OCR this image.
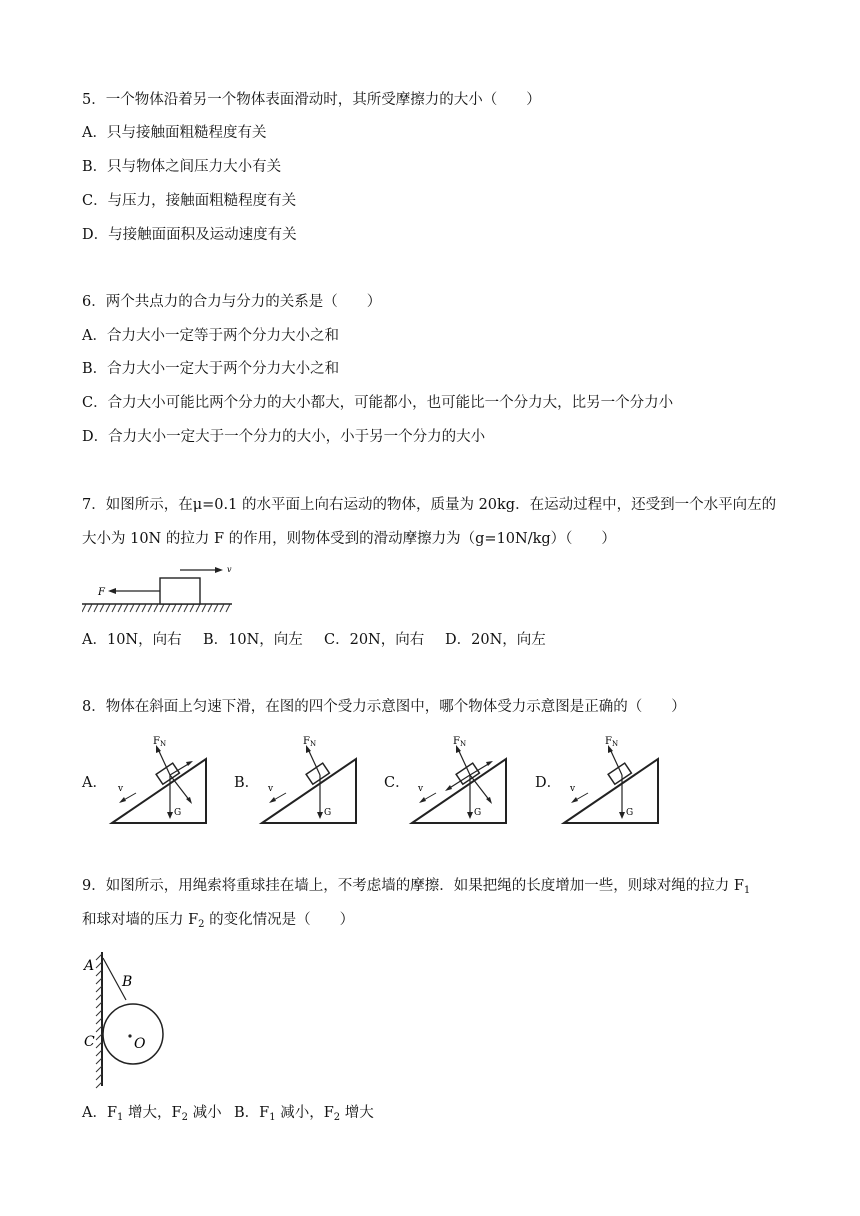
5．一个物体沿着另一个物体表面滑动时，其所受摩擦力的大小（　　）
A．只与接触面粗糙程度有关
B．只与物体之间压力大小有关
C．与压力，接触面粗糙程度有关
D．与接触面面积及运动速度有关
6．两个共点力的合力与分力的关系是（　　）
A．合力大小一定等于两个分力大小之和
B．合力大小一定大于两个分力大小之和
C．合力大小可能比两个分力的大小都大，可能都小，也可能比一个分力大，比另一个分力小
D．合力大小一定大于一个分力的大小，小于另一个分力的大小
7．如图所示，在μ=0.1 的水平面上向右运动的物体，质量为 20kg．在运动过程中，还受到一个水平向左的
大小为 10N 的拉力 F 的作用，则物体受到的滑动摩擦力为（g=10N/kg）（　　）
F
v
A．10N，向右 B．10N，向左 C．20N，向右 D．20N，向左
8．物体在斜面上匀速下滑，在图的四个受力示意图中，哪个物体受力示意图是正确的（　　）
A．	B．	C．	D．
$F_N$
G
v
$F_N$
G
v
$F_N$
G
v
$F_N$
G
v
9．如图所示，用绳索将重球挂在墙上，不考虑墙的摩擦．如果把绳的长度增加一些，则球对绳的拉力 $F_1$
和球对墙的压力 $F_2$ 的变化情况是（　　）
A
B
C	O
A．$F_1$ 增大，$F_2$ 减小 B．$F_1$ 减小，$F_2$ 增大
